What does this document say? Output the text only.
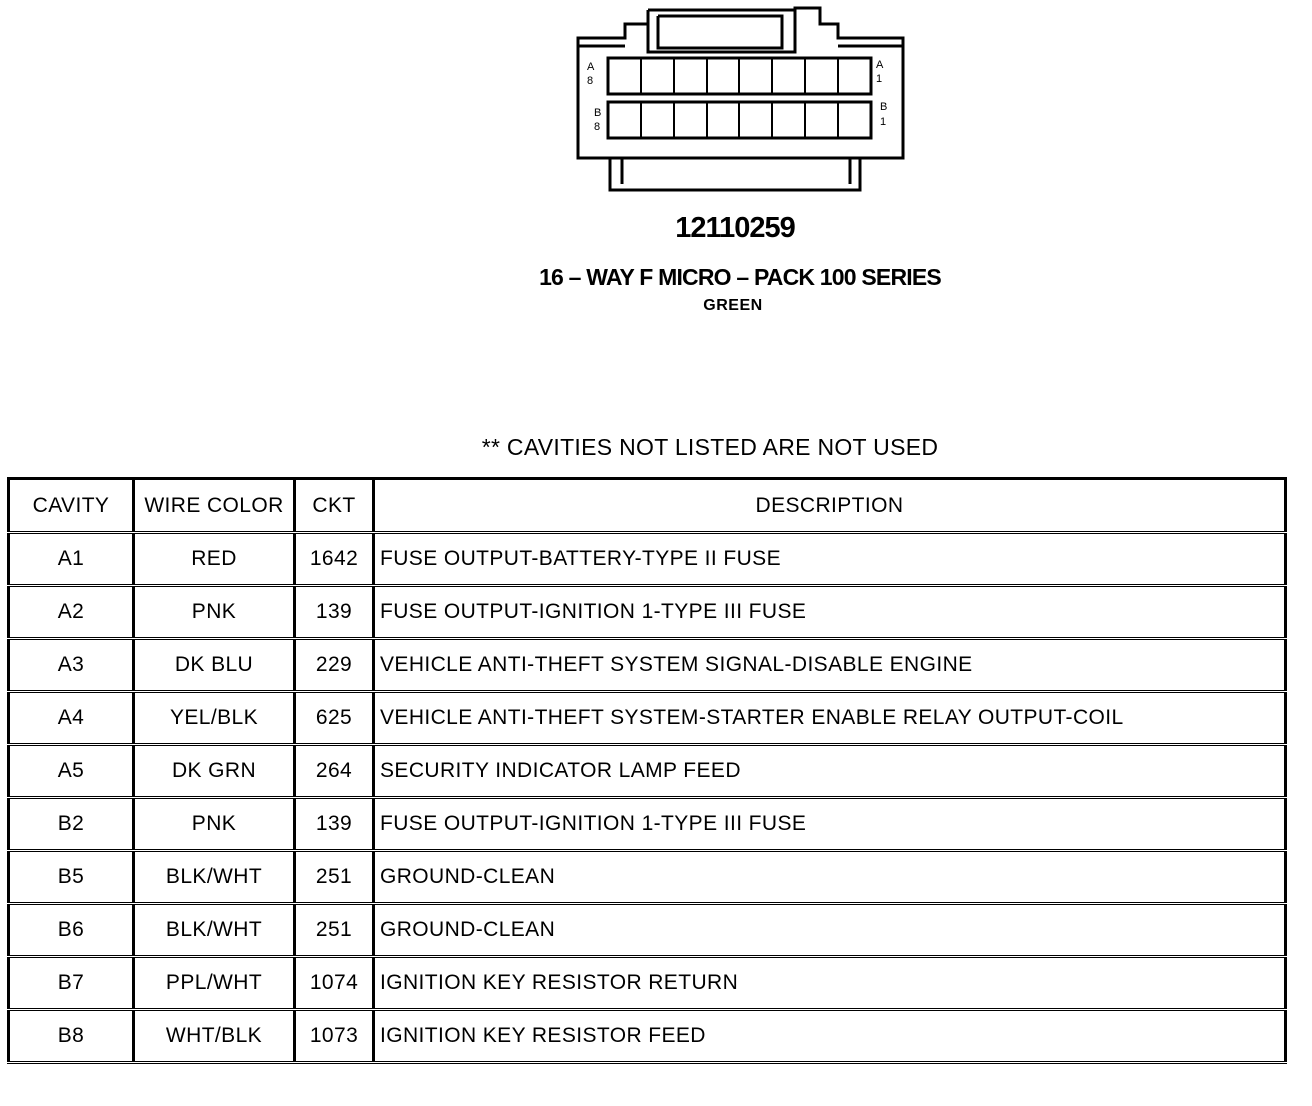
A
8
A
1
B
8
B
1
12110259
16 – WAY F MICRO – PACK 100 SERIES
GREEN
** CAVITIES NOT LISTED ARE NOT USED
CAVITY	WIRE COLOR	CKT	DESCRIPTION
A1	RED	1642	FUSE OUTPUT-BATTERY-TYPE II FUSE
A2	PNK	139	FUSE OUTPUT-IGNITION 1-TYPE III FUSE
A3	DK BLU	229	VEHICLE ANTI-THEFT SYSTEM SIGNAL-DISABLE ENGINE
A4	YEL/BLK	625	VEHICLE ANTI-THEFT SYSTEM-STARTER ENABLE RELAY OUTPUT-COIL
A5	DK GRN	264	SECURITY INDICATOR LAMP FEED
B2	PNK	139	FUSE OUTPUT-IGNITION 1-TYPE III FUSE
B5	BLK/WHT	251	GROUND-CLEAN
B6	BLK/WHT	251	GROUND-CLEAN
B7	PPL/WHT	1074	IGNITION KEY RESISTOR RETURN
B8	WHT/BLK	1073	IGNITION KEY RESISTOR FEED
